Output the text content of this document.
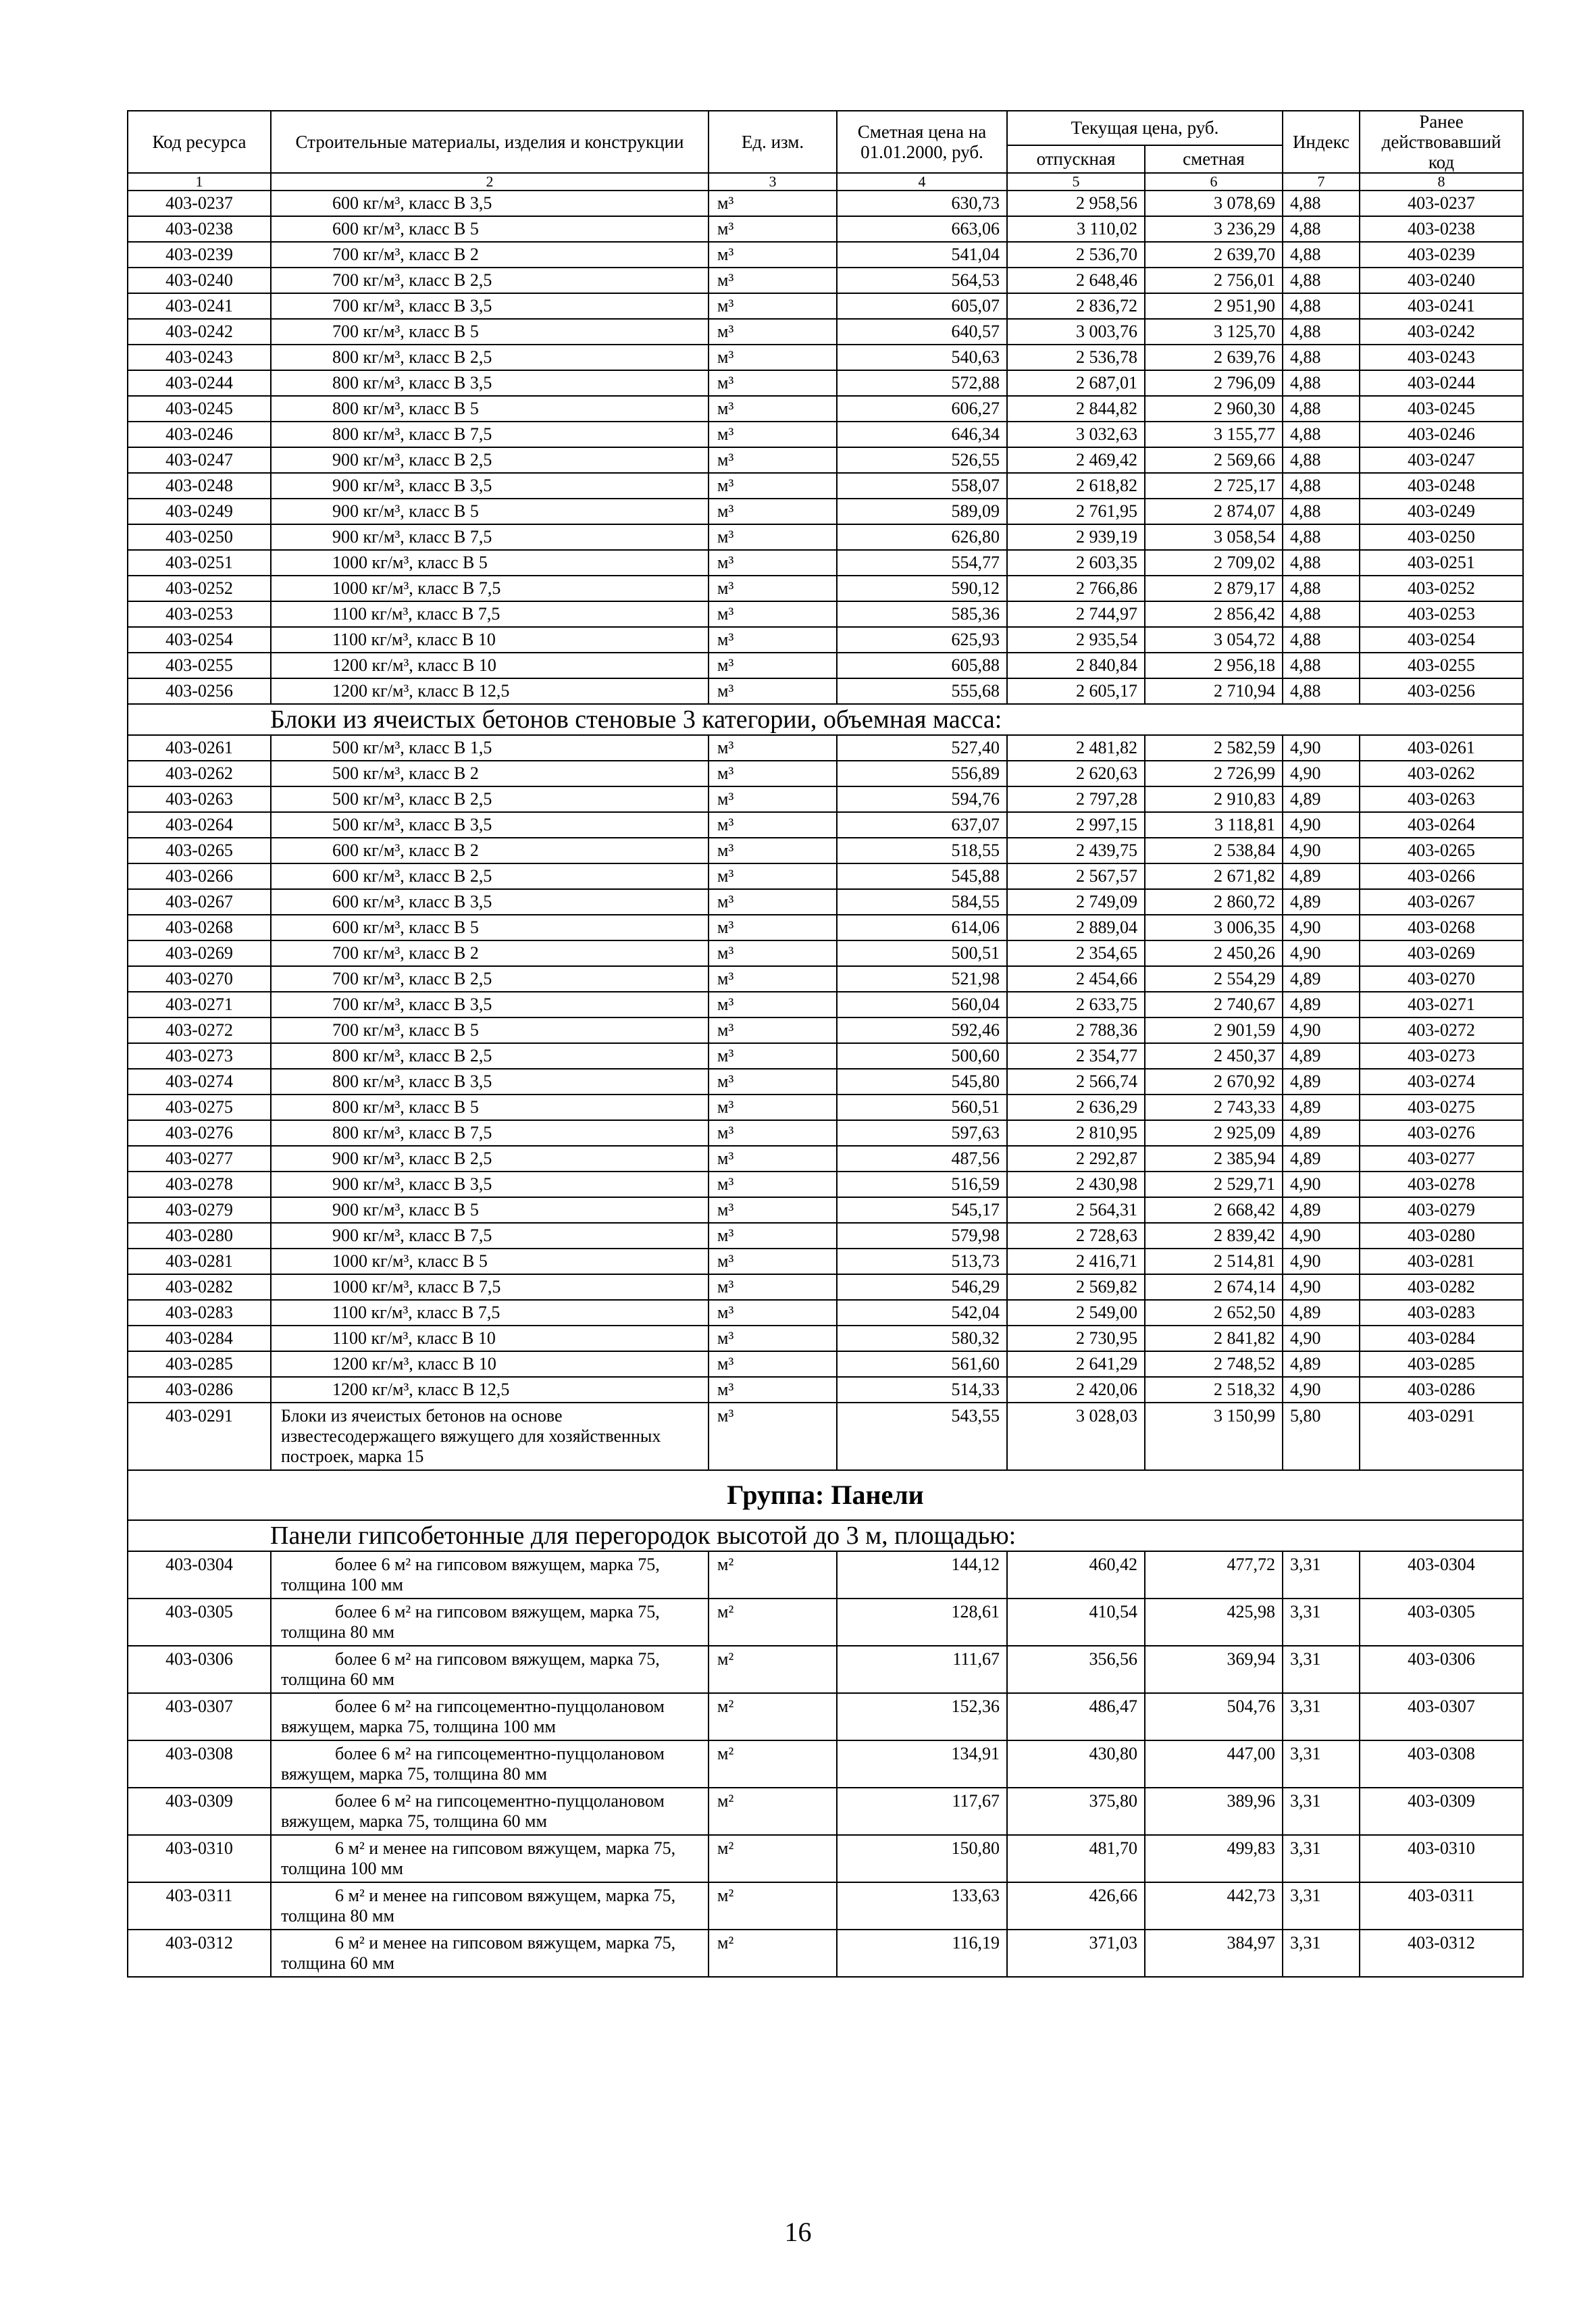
Код ресурса	Строительные материалы, изделия и конструкции	Ед. изм.	Сметная цена на 01.01.2000, руб.	Текущая цена, руб.		Индекс	Ранее действовавший код
				отпускная	сметная		
1	2	3	4	5	6	7	8
403-0237	600 кг/м³, класс В 3,5	м³	630,73	2 958,56	3 078,69	4,88	403-0237
403-0238	600 кг/м³, класс В 5	м³	663,06	3 110,02	3 236,29	4,88	403-0238
403-0239	700 кг/м³, класс В 2	м³	541,04	2 536,70	2 639,70	4,88	403-0239
403-0240	700 кг/м³, класс В 2,5	м³	564,53	2 648,46	2 756,01	4,88	403-0240
403-0241	700 кг/м³, класс В 3,5	м³	605,07	2 836,72	2 951,90	4,88	403-0241
403-0242	700 кг/м³, класс В 5	м³	640,57	3 003,76	3 125,70	4,88	403-0242
403-0243	800 кг/м³, класс В 2,5	м³	540,63	2 536,78	2 639,76	4,88	403-0243
403-0244	800 кг/м³, класс В 3,5	м³	572,88	2 687,01	2 796,09	4,88	403-0244
403-0245	800 кг/м³, класс В 5	м³	606,27	2 844,82	2 960,30	4,88	403-0245
403-0246	800 кг/м³, класс В 7,5	м³	646,34	3 032,63	3 155,77	4,88	403-0246
403-0247	900 кг/м³, класс В 2,5	м³	526,55	2 469,42	2 569,66	4,88	403-0247
403-0248	900 кг/м³, класс В 3,5	м³	558,07	2 618,82	2 725,17	4,88	403-0248
403-0249	900 кг/м³, класс В 5	м³	589,09	2 761,95	2 874,07	4,88	403-0249
403-0250	900 кг/м³, класс В 7,5	м³	626,80	2 939,19	3 058,54	4,88	403-0250
403-0251	1000 кг/м³, класс В 5	м³	554,77	2 603,35	2 709,02	4,88	403-0251
403-0252	1000 кг/м³, класс В 7,5	м³	590,12	2 766,86	2 879,17	4,88	403-0252
403-0253	1100 кг/м³, класс В 7,5	м³	585,36	2 744,97	2 856,42	4,88	403-0253
403-0254	1100 кг/м³, класс В 10	м³	625,93	2 935,54	3 054,72	4,88	403-0254
403-0255	1200 кг/м³, класс В 10	м³	605,88	2 840,84	2 956,18	4,88	403-0255
403-0256	1200 кг/м³, класс В 12,5	м³	555,68	2 605,17	2 710,94	4,88	403-0256
Блоки из ячеистых бетонов стеновые 3 категории, объемная масса:							
403-0261	500 кг/м³, класс В 1,5	м³	527,40	2 481,82	2 582,59	4,90	403-0261
403-0262	500 кг/м³, класс В 2	м³	556,89	2 620,63	2 726,99	4,90	403-0262
403-0263	500 кг/м³, класс В 2,5	м³	594,76	2 797,28	2 910,83	4,89	403-0263
403-0264	500 кг/м³, класс В 3,5	м³	637,07	2 997,15	3 118,81	4,90	403-0264
403-0265	600 кг/м³, класс В 2	м³	518,55	2 439,75	2 538,84	4,90	403-0265
403-0266	600 кг/м³, класс В 2,5	м³	545,88	2 567,57	2 671,82	4,89	403-0266
403-0267	600 кг/м³, класс В 3,5	м³	584,55	2 749,09	2 860,72	4,89	403-0267
403-0268	600 кг/м³, класс В 5	м³	614,06	2 889,04	3 006,35	4,90	403-0268
403-0269	700 кг/м³, класс В 2	м³	500,51	2 354,65	2 450,26	4,90	403-0269
403-0270	700 кг/м³, класс В 2,5	м³	521,98	2 454,66	2 554,29	4,89	403-0270
403-0271	700 кг/м³, класс В 3,5	м³	560,04	2 633,75	2 740,67	4,89	403-0271
403-0272	700 кг/м³, класс В 5	м³	592,46	2 788,36	2 901,59	4,90	403-0272
403-0273	800 кг/м³, класс В 2,5	м³	500,60	2 354,77	2 450,37	4,89	403-0273
403-0274	800 кг/м³, класс В 3,5	м³	545,80	2 566,74	2 670,92	4,89	403-0274
403-0275	800 кг/м³, класс В 5	м³	560,51	2 636,29	2 743,33	4,89	403-0275
403-0276	800 кг/м³, класс В 7,5	м³	597,63	2 810,95	2 925,09	4,89	403-0276
403-0277	900 кг/м³, класс В 2,5	м³	487,56	2 292,87	2 385,94	4,89	403-0277
403-0278	900 кг/м³, класс В 3,5	м³	516,59	2 430,98	2 529,71	4,90	403-0278
403-0279	900 кг/м³, класс В 5	м³	545,17	2 564,31	2 668,42	4,89	403-0279
403-0280	900 кг/м³, класс В 7,5	м³	579,98	2 728,63	2 839,42	4,90	403-0280
403-0281	1000 кг/м³, класс В 5	м³	513,73	2 416,71	2 514,81	4,90	403-0281
403-0282	1000 кг/м³, класс В 7,5	м³	546,29	2 569,82	2 674,14	4,90	403-0282
403-0283	1100 кг/м³, класс В 7,5	м³	542,04	2 549,00	2 652,50	4,89	403-0283
403-0284	1100 кг/м³, класс В 10	м³	580,32	2 730,95	2 841,82	4,90	403-0284
403-0285	1200 кг/м³, класс В 10	м³	561,60	2 641,29	2 748,52	4,89	403-0285
403-0286	1200 кг/м³, класс В 12,5	м³	514,33	2 420,06	2 518,32	4,90	403-0286
403-0291	Блоки из ячеистых бетонов на основе известесодержащего вяжущего для хозяйственных построек, марка 15	м³	543,55	3 028,03	3 150,99	5,80	403-0291
Группа: Панели							
Панели гипсобетонные для перегородок высотой до 3 м, площадью:							
403-0304	более 6 м² на гипсовом вяжущем, марка 75, толщина 100 мм	м²	144,12	460,42	477,72	3,31	403-0304
403-0305	более 6 м² на гипсовом вяжущем, марка 75, толщина 80 мм	м²	128,61	410,54	425,98	3,31	403-0305
403-0306	более 6 м² на гипсовом вяжущем, марка 75, толщина 60 мм	м²	111,67	356,56	369,94	3,31	403-0306
403-0307	более 6 м² на гипсоцементно-пуццолановом вяжущем, марка 75, толщина 100 мм	м²	152,36	486,47	504,76	3,31	403-0307
403-0308	более 6 м² на гипсоцементно-пуццолановом вяжущем, марка 75, толщина 80 мм	м²	134,91	430,80	447,00	3,31	403-0308
403-0309	более 6 м² на гипсоцементно-пуццолановом вяжущем, марка 75, толщина 60 мм	м²	117,67	375,80	389,96	3,31	403-0309
403-0310	6 м² и менее на гипсовом вяжущем, марка 75, толщина 100 мм	м²	150,80	481,70	499,83	3,31	403-0310
403-0311	6 м² и менее на гипсовом вяжущем, марка 75, толщина 80 мм	м²	133,63	426,66	442,73	3,31	403-0311
403-0312	6 м² и менее на гипсовом вяжущем, марка 75, толщина 60 мм	м²	116,19	371,03	384,97	3,31	403-0312
16
